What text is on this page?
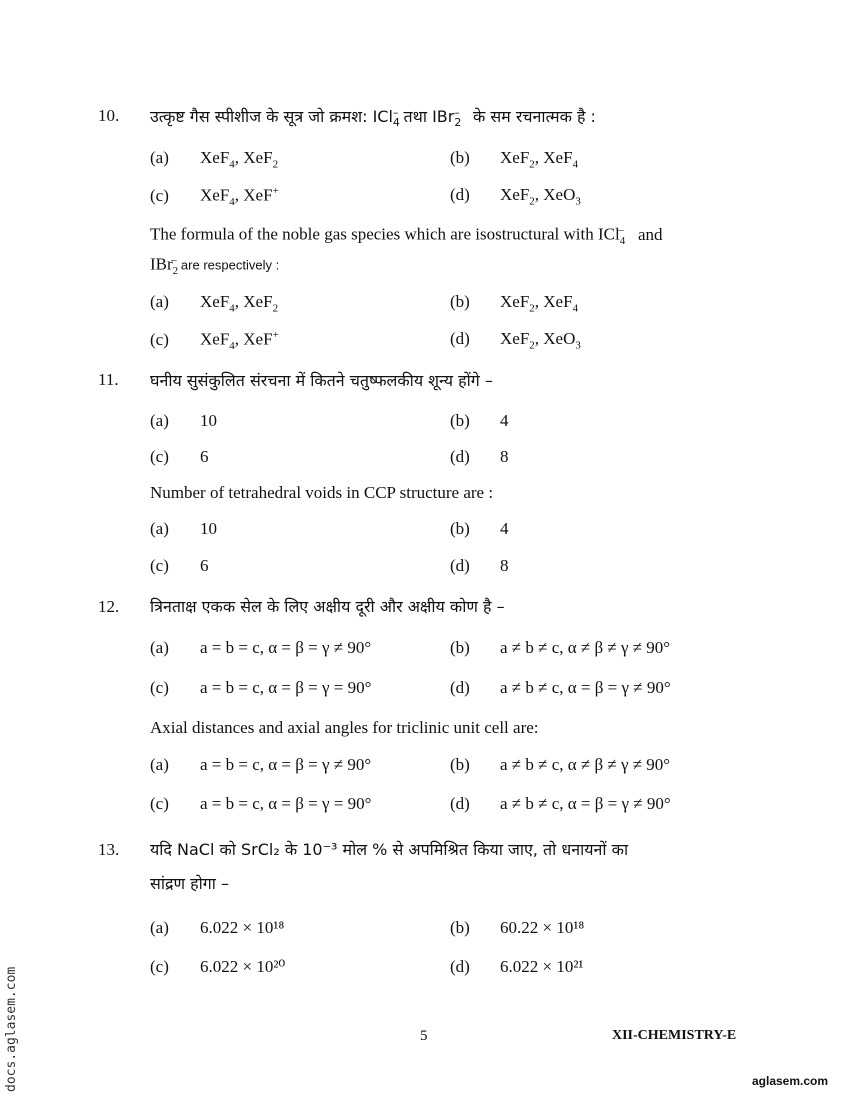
10. उत्कृष्ट गैस स्पीशीज के सूत्र जो क्रमश: ICl$_4$– तथा IBr$_2$– के सम रचनात्मक है :
(a) XeF$_4$, XeF$_2$	(b) XeF$_2$, XeF$_4$
(c) XeF$_4$, XeF+	(d) XeF$_2$, XeO$_3$
The formula of the noble gas species which are isostructural with ICl$_4$– and
IBr$_2$– are respectively :
(a) XeF$_4$, XeF$_2$	(b) XeF$_2$, XeF$_4$
(c) XeF$_4$, XeF+	(d) XeF$_2$, XeO$_3$
11. घनीय सुसंकुलित संरचना में कितने चतुष्फलकीय शून्य होंगे –
(a) 10	(b) 4
(c) 6	(d) 8
Number of tetrahedral voids in CCP structure are :
(a) 10	(b) 4
(c) 6	(d) 8
12. त्रिनताक्ष एकक सेल के लिए अक्षीय दूरी और अक्षीय कोण है –
(a) a = b = c, α = β = γ ≠ 90°	(b) a ≠ b ≠ c, α ≠ β ≠ γ ≠ 90°
(c) a = b = c, α = β = γ = 90°	(d) a ≠ b ≠ c, α = β = γ ≠ 90°
Axial distances and axial angles for triclinic unit cell are:
(a) a = b = c, α = β = γ ≠ 90°	(b) a ≠ b ≠ c, α ≠ β ≠ γ ≠ 90°
(c) a = b = c, α = β = γ = 90°	(d) a ≠ b ≠ c, α = β = γ ≠ 90°
13. यदि NaCl को SrCl₂ के 10⁻³ मोल % से अपमिश्रित किया जाए, तो धनायनों का
सांद्रण होगा –
(a) 6.022 × 10¹⁸	(b) 60.22 × 10¹⁸
(c) 6.022 × 10²⁰	(d) 6.022 × 10²¹
5	XII-CHEMISTRY-E
docs.aglasem.com	aglasem.com
